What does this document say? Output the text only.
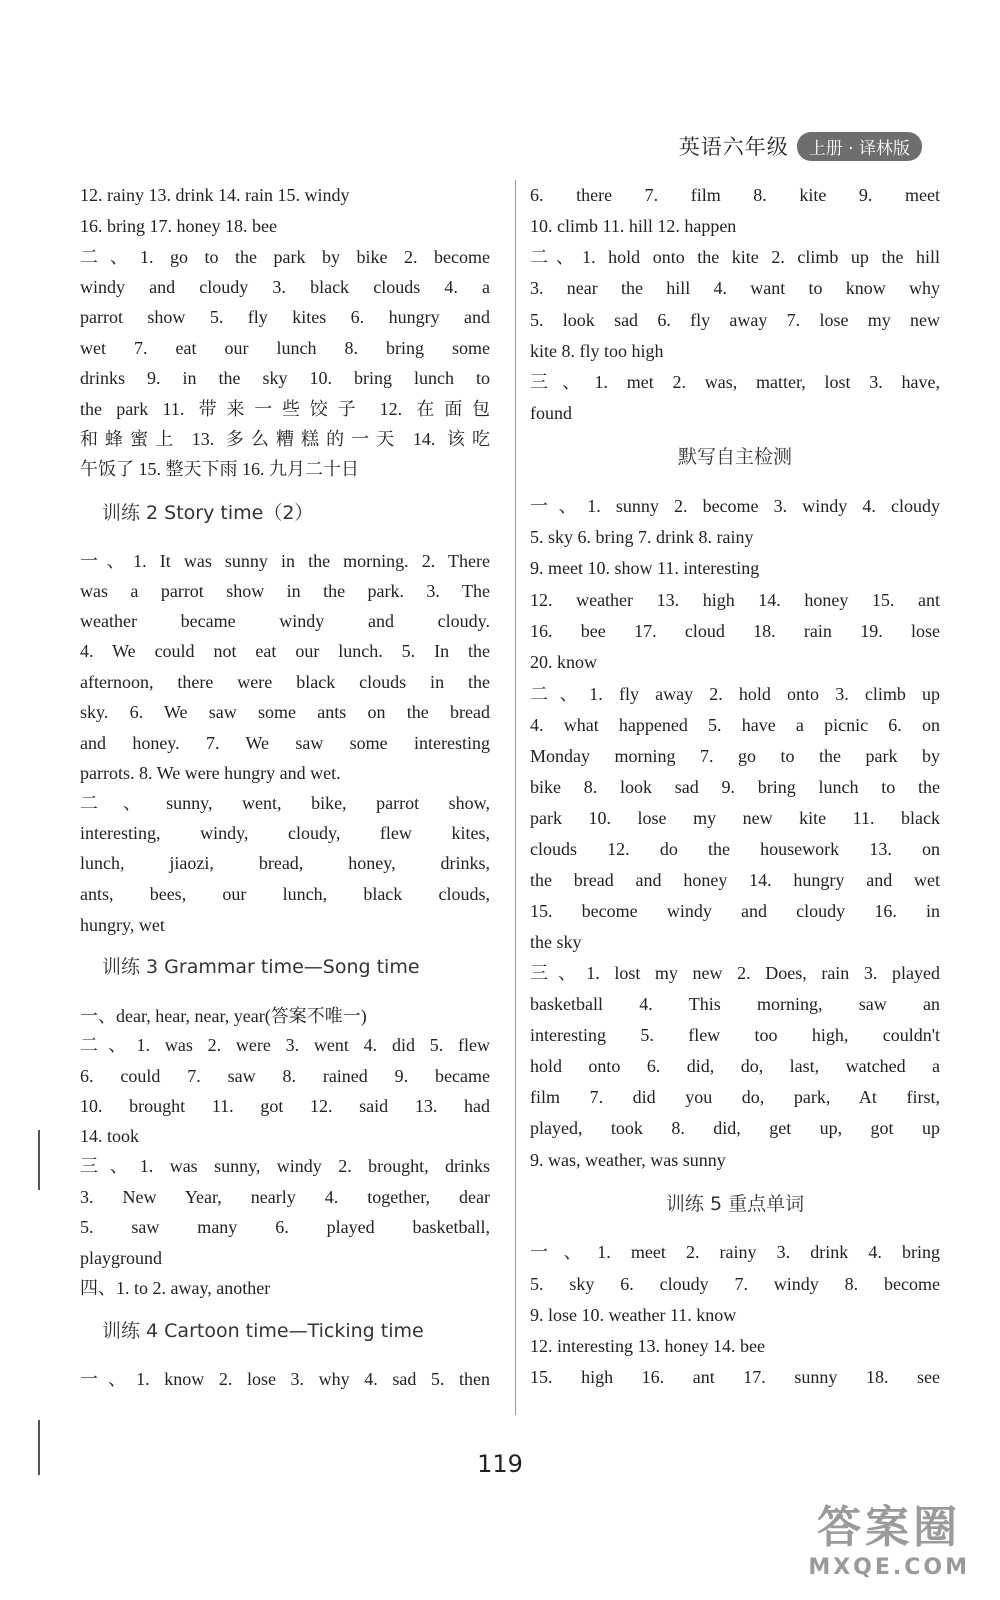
英语六年级	上册 · 译林版
12. rainy 13. drink 14. rain 15. windy
16. bring 17. honey 18. bee
二、1. go to the park by bike 2. become
windy and cloudy 3. black clouds 4. a
parrot show 5. fly kites 6. hungry and
wet 7. eat our lunch 8. bring some
drinks 9. in the sky 10. bring lunch to
the park 11. 带来一些饺子 12. 在面包
和蜂蜜上 13. 多么糟糕的一天 14. 该吃
午饭了 15. 整天下雨 16. 九月二十日
训练 2 Story time（2）
一、1. It was sunny in the morning. 2. There
was a parrot show in the park. 3. The
weather became windy and cloudy.
4. We could not eat our lunch. 5. In the
afternoon, there were black clouds in the
sky. 6. We saw some ants on the bread
and honey. 7. We saw some interesting
parrots. 8. We were hungry and wet.
二、sunny, went, bike, parrot show,
interesting, windy, cloudy, flew kites,
lunch, jiaozi, bread, honey, drinks,
ants, bees, our lunch, black clouds,
hungry, wet
训练 3 Grammar time—Song time
一、dear, hear, near, year(答案不唯一)
二、1. was 2. were 3. went 4. did 5. flew
6. could 7. saw 8. rained 9. became
10. brought 11. got 12. said 13. had
14. took
三、1. was sunny, windy 2. brought, drinks
3. New Year, nearly 4. together, dear
5. saw many 6. played basketball,
playground
四、1. to 2. away, another
训练 4 Cartoon time—Ticking time
一、1. know 2. lose 3. why 4. sad 5. then
6. there 7. film 8. kite 9. meet
10. climb 11. hill 12. happen
二、1. hold onto the kite 2. climb up the hill
3. near the hill 4. want to know why
5. look sad 6. fly away 7. lose my new
kite 8. fly too high
三、1. met 2. was, matter, lost 3. have,
found
默写自主检测
一、1. sunny 2. become 3. windy 4. cloudy
5. sky 6. bring 7. drink 8. rainy
9. meet 10. show 11. interesting
12. weather 13. high 14. honey 15. ant
16. bee 17. cloud 18. rain 19. lose
20. know
二、1. fly away 2. hold onto 3. climb up
4. what happened 5. have a picnic 6. on
Monday morning 7. go to the park by
bike 8. look sad 9. bring lunch to the
park 10. lose my new kite 11. black
clouds 12. do the housework 13. on
the bread and honey 14. hungry and wet
15. become windy and cloudy 16. in
the sky
三、1. lost my new 2. Does, rain 3. played
basketball 4. This morning, saw an
interesting 5. flew too high, couldn't
hold onto 6. did, do, last, watched a
film 7. did you do, park, At first,
played, took 8. did, get up, got up
9. was, weather, was sunny
训练 5 重点单词
一、1. meet 2. rainy 3. drink 4. bring
5. sky 6. cloudy 7. windy 8. become
9. lose 10. weather 11. know
12. interesting 13. honey 14. bee
15. high 16. ant 17. sunny 18. see
119
答案圈
MXQE.COM
